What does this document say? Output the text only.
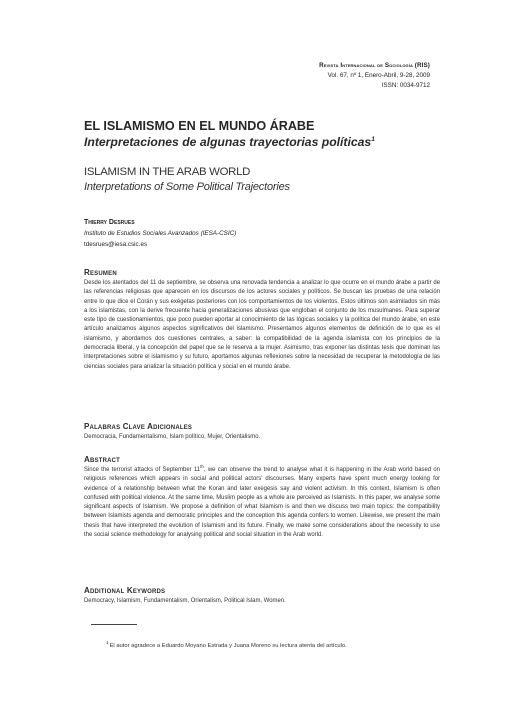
Revista Internacional de Sociología (RIS)
Vol. 67, nº 1, Enero-Abril, 9-28, 2009
ISSN: 0034-9712

EL ISLAMISMO EN EL MUNDO ÁRABE

Interpretaciones de algunas trayectorias políticas$^1$

ISLAMISM IN THE ARAB WORLD

Interpretations of Some Political Trajectories

Thierry Desrues
Instituto de Estudios Sociales Avanzados (IESA-CSIC)
tdesrues@iesa.csic.es
Resumen

Desde los atentados del 11 de septiembre, se observa una renovada tendencia a analizar lo que ocurre en el mundo árabe a partir de las referencias religiosas que aparecen en los discursos de los actores sociales y políticos. Se buscan las pruebas de una relación entre lo que dice el Corán y sus exégetas posteriores con los comportamientos de los violentos. Estos últimos son asimilados sin más a los islamistas, con la derive frecuente hacia generalizaciones abusivas que engloban el conjunto de los musulmanes. Para superar este tipo de cuestionamientos, que poco pueden aportar al conocimiento de las lógicas sociales y la política del mundo árabe, en este artículo analizamos algunos aspectos significativos del islamismo. Presentamos algunos elementos de definición de lo que es el islamismo, y abordamos dos cuestiones centrales, a saber: la compatibilidad de la agenda islamista con los principios de la democracia liberal, y la concepción del papel que se le reserva a la mujer. Asimismo, tras exponer las distintas tesis que dominan las interpretaciones sobre el islamismo y su futuro, aportamos algunas reflexiones sobre la necesidad de recuperar la metodología de las ciencias sociales para analizar la situación política y social en el mundo árabe.

Palabras Clave Adicionales

Democracia, Fundamentalismo, Islam político, Mujer, Orientalismo.

Abstract

Since the terrorist attacks of September 11th, we can observe the trend to analyse what it is happening in the Arab world based on religious references which appears in social and political actors' discourses. Many experts have spent much energy looking for evidence of a relationship between what the Koran and later exegesis say and violent activism. In this context, Islamism is often confused with political violence. At the same time, Muslim people as a whole are perceived as Islamists. In this paper, we analyse some significant aspects of Islamism. We propose a definition of what Islamism is and then we discuss two main topics: the compatibility between Islamists agenda and democratic principles and the conception this agenda confers to women. Likewise, we present the main thesis that have interpreted the evolution of Islamism and its future. Finally, we make some considerations about the necessity to use the social science methodology for analysing political and social situation in the Arab world.

Additional Keywords

Democracy, Islamism, Fundamentalism, Orientalism, Political Islam, Women.

$^1$El autor agradece a Eduardo Moyano Estrada y Juana Moreno su lectura atenta del artículo.
